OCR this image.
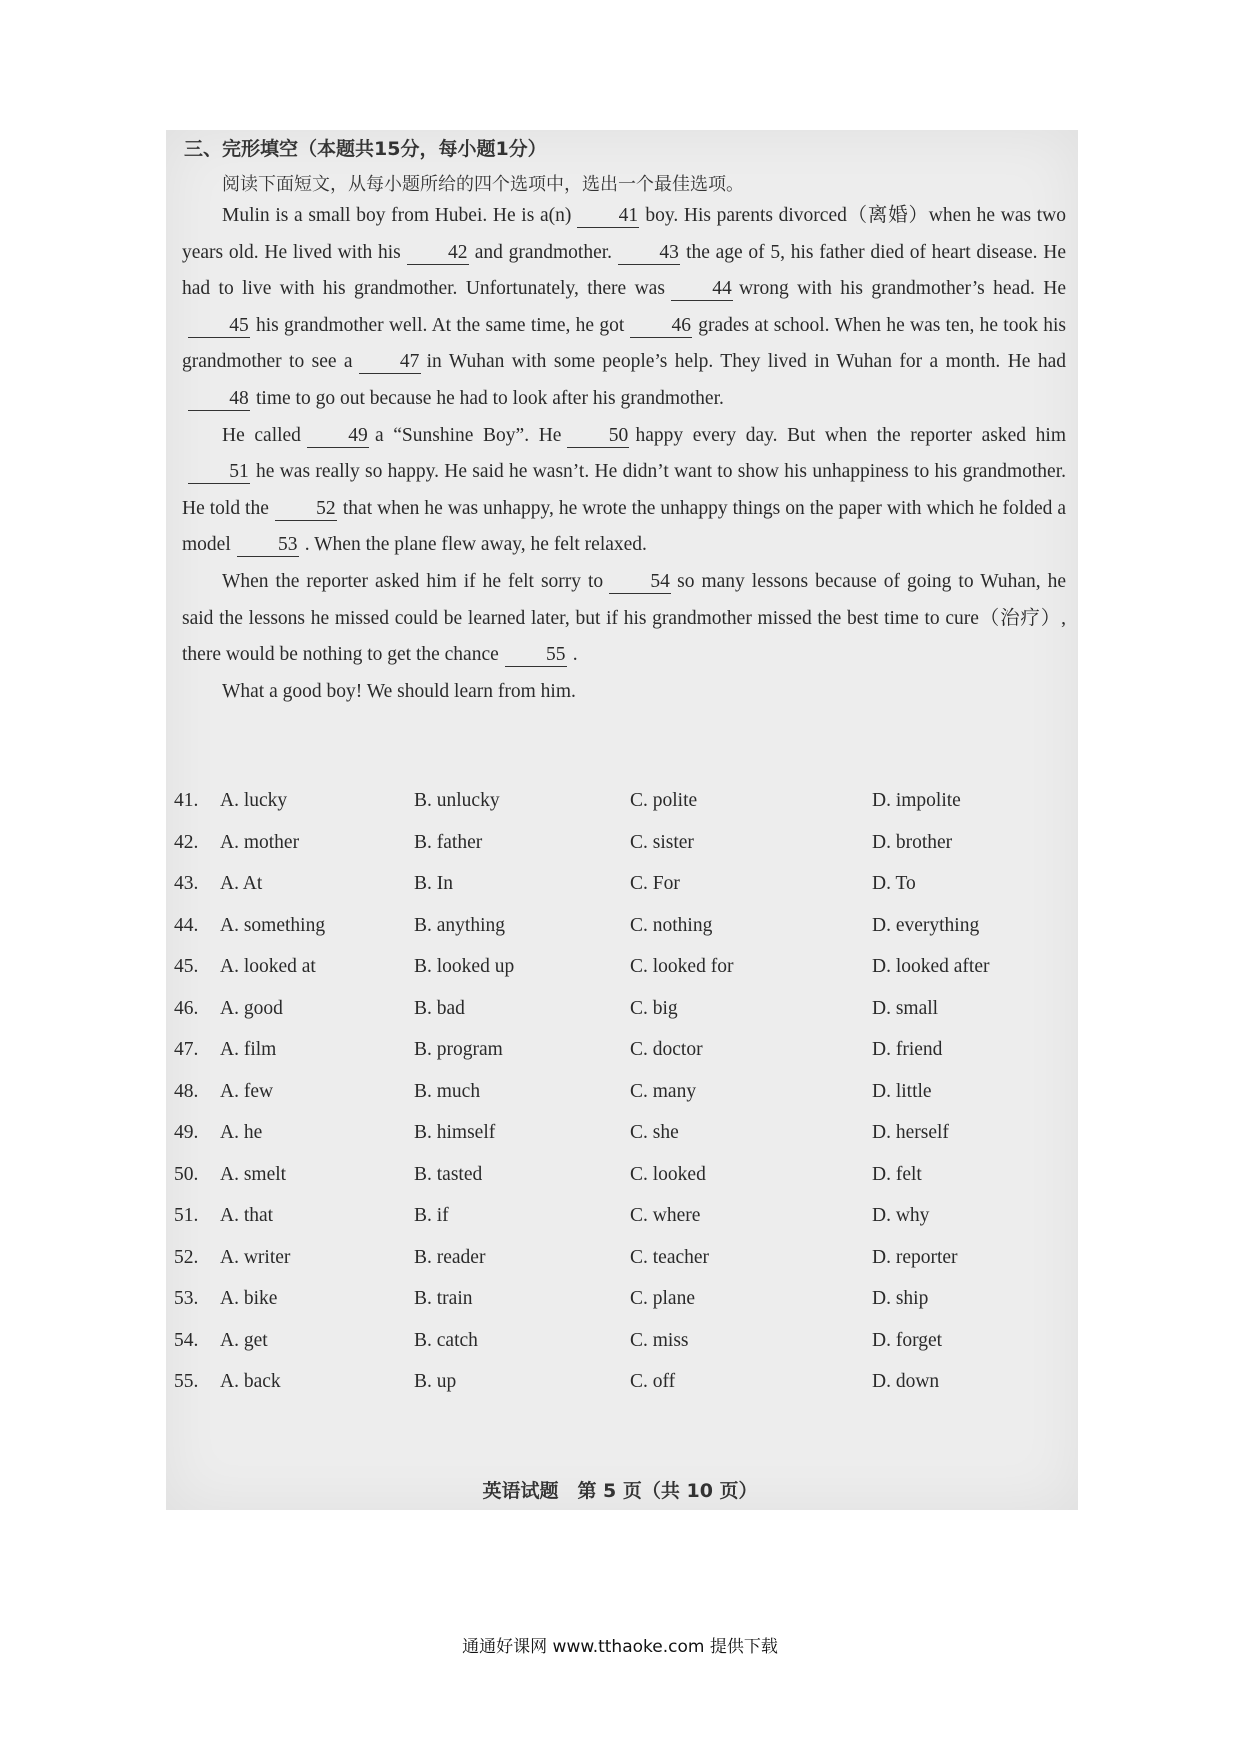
三、完形填空（本题共15分，每小题1分）
阅读下面短文，从每小题所给的四个选项中，选出一个最佳选项。

Mulin is a small boy from Hubei. He is a(n) 41 boy. His parents divorced（离婚）when he was two years old. He lived with his 42 and grandmother. 43 the age of 5, his father died of heart disease. He had to live with his grandmother. Unfortunately, there was 44 wrong with his grandmother’s head. He45 his grandmother well. At the same time, he got 46 grades at school. When he was ten, he took his grandmother to see a 47 in Wuhan with some people’s help. They lived in Wuhan for a month. He had48 time to go out because he had to look after his grandmother.

He called 49 a “Sunshine Boy”. He 50 happy every day. But when the reporter asked him51 he was really so happy. He said he wasn’t. He didn’t want to show his unhappiness to his grandmother. He told the 52 that when he was unhappy, he wrote the unhappy things on the paper with which he folded a model 53 . When the plane flew away, he felt relaxed.

When the reporter asked him if he felt sorry to 54 so many lessons because of going to Wuhan, he said the lessons he missed could be learned later, but if his grandmother missed the best time to cure（治疗）, there would be nothing to get the chance 55 .

What a good boy! We should learn from him.

41. A. lucky	B. unlucky	C. polite	D. impolite
42. A. mother	B. father	C. sister	D. brother
43. A. At	B. In	C. For	D. To
44. A. something	B. anything	C. nothing	D. everything
45. A. looked at	B. looked up	C. looked for	D. looked after
46. A. good	B. bad	C. big	D. small
47. A. film	B. program	C. doctor	D. friend
48. A. few	B. much	C. many	D. little
49. A. he	B. himself	C. she	D. herself
50. A. smelt	B. tasted	C. looked	D. felt
51. A. that	B. if	C. where	D. why
52. A. writer	B. reader	C. teacher	D. reporter
53. A. bike	B. train	C. plane	D. ship
54. A. get	B. catch	C. miss	D. forget
55. A. back	B. up	C. off	D. down
英语试题　第 5 页（共 10 页）
通通好课网 www.tthaoke.com 提供下载
